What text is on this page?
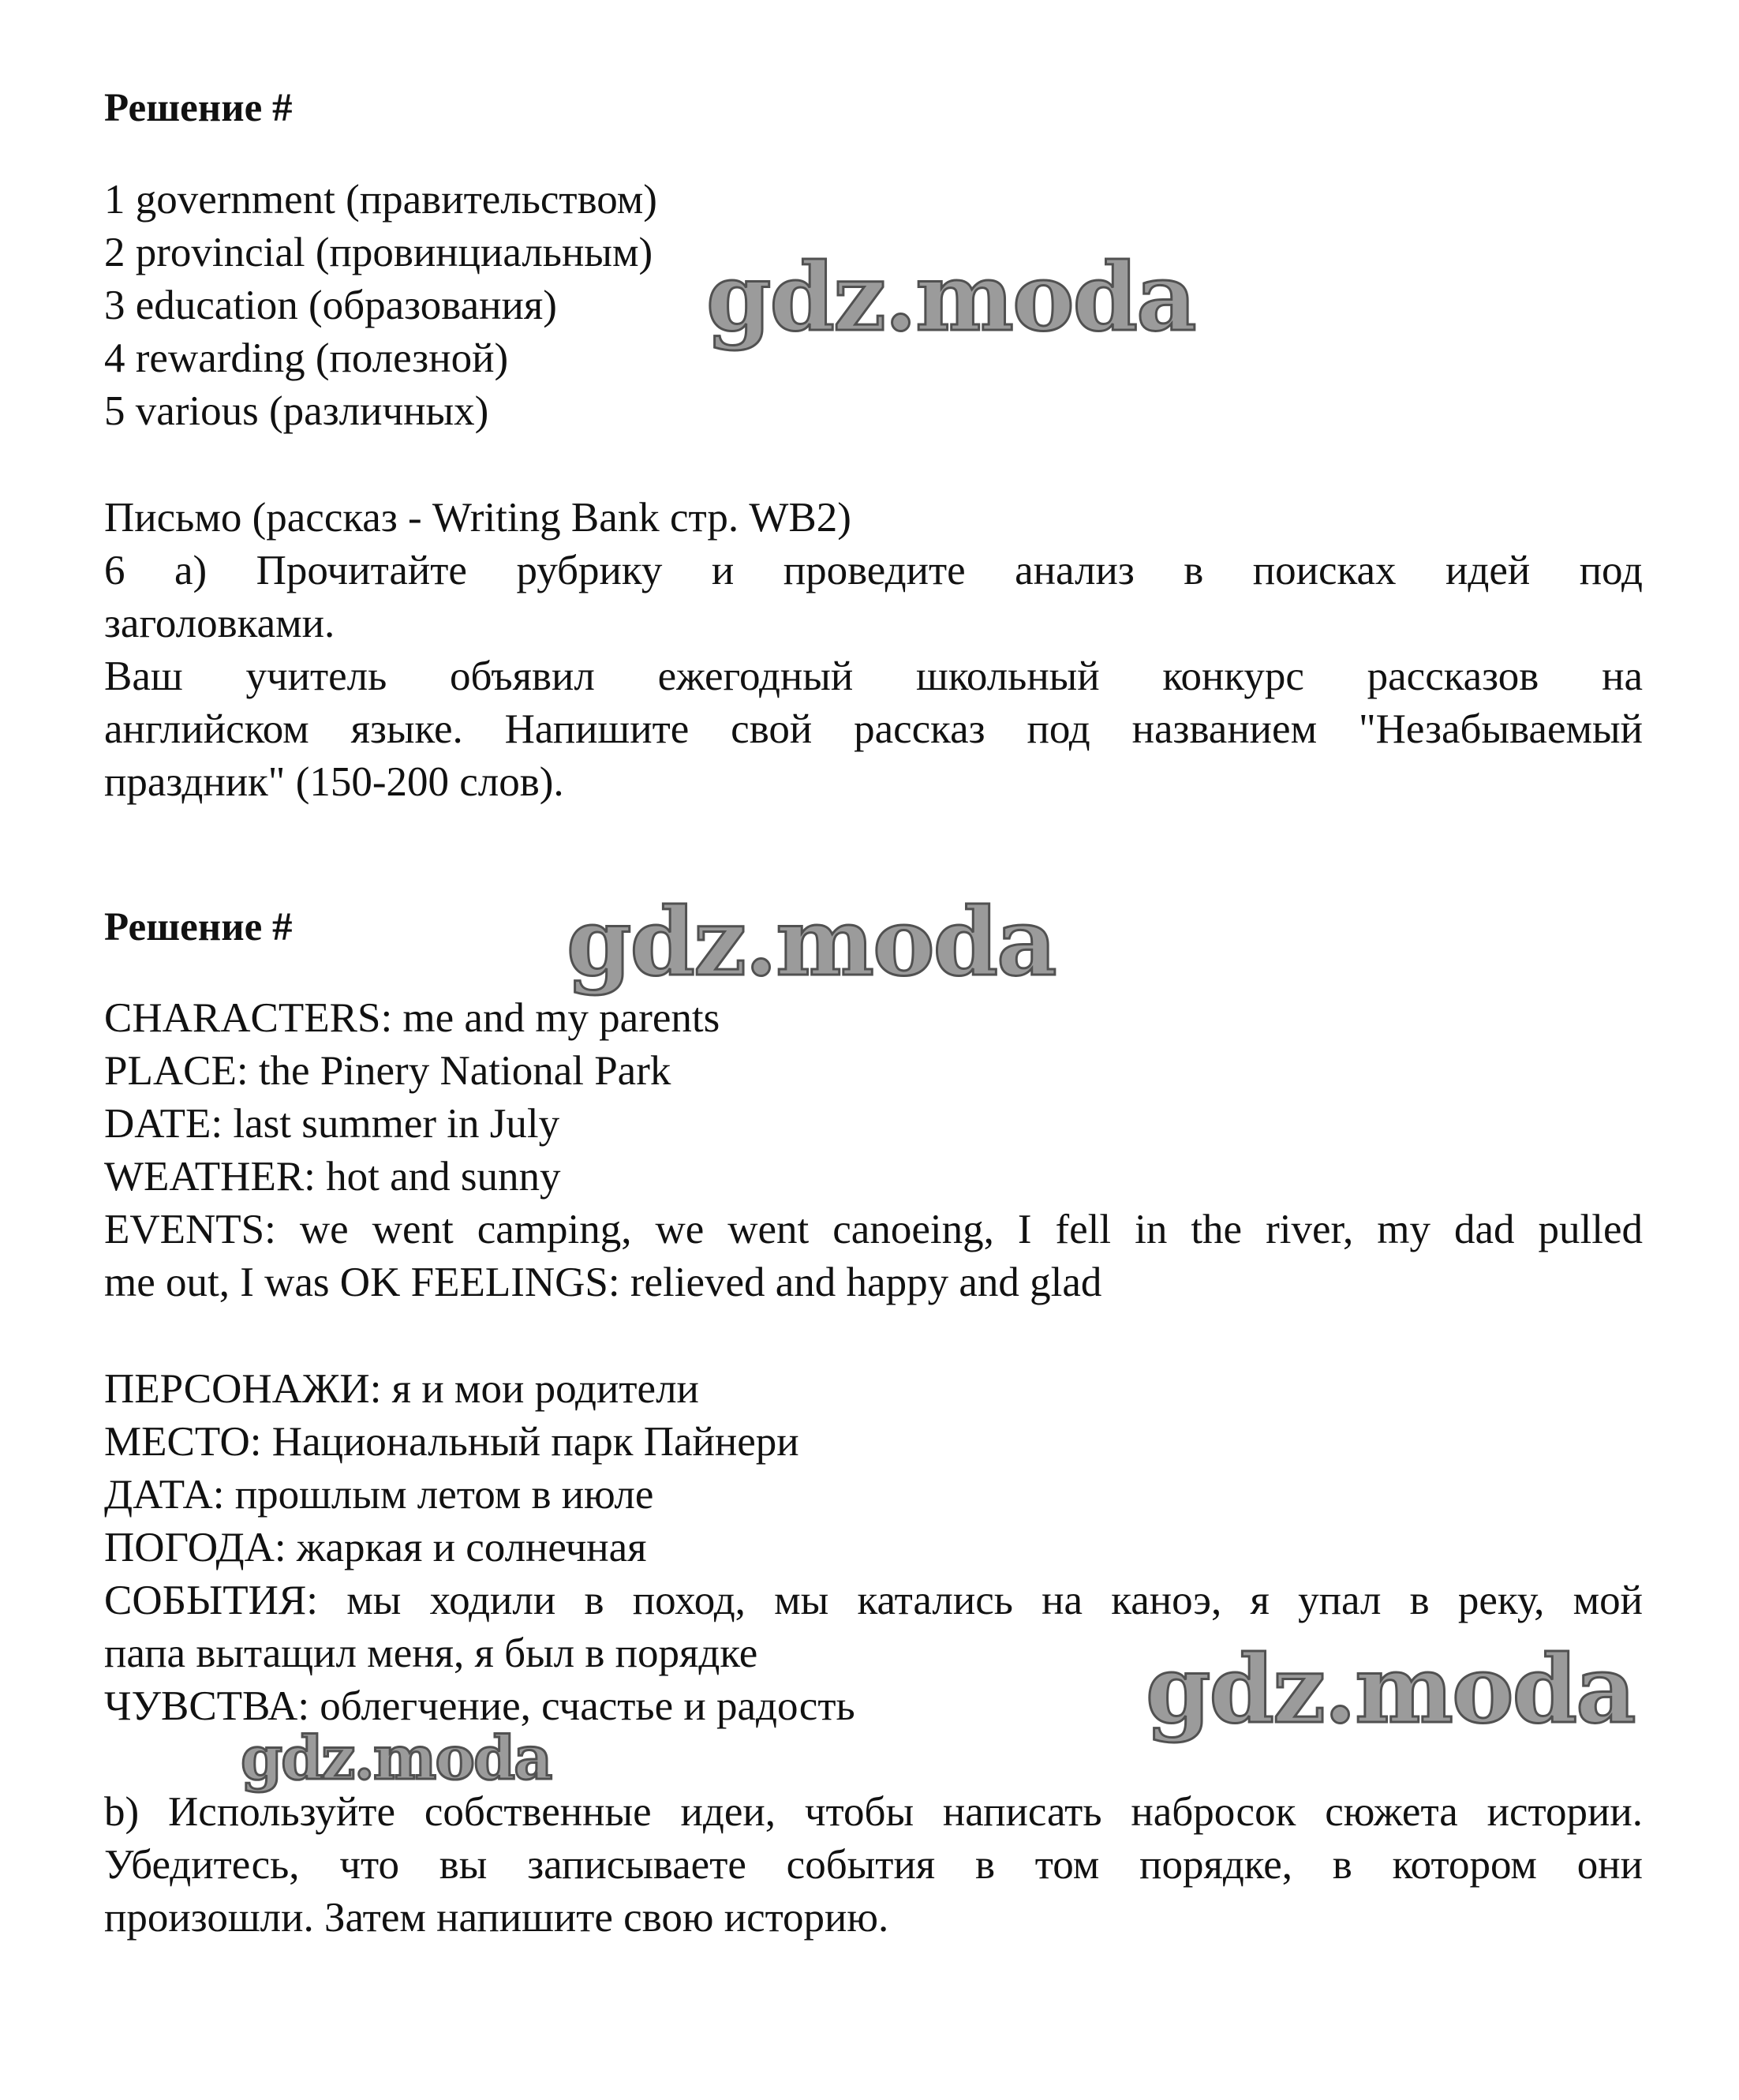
Решение #
1 government (правительством)
2 provincial (провинциальным)
3 education (образования)
4 rewarding (полезной)
5 various (различных)
Письмо (рассказ - Writing Bank стр. WB2)
6 а) Прочитайте рубрику и проведите анализ в поисках идей под
заголовками.
Ваш учитель объявил ежегодный школьный конкурс рассказов на
английском языке. Напишите свой рассказ под названием "Незабываемый
праздник" (150-200 слов).
Решение #
CHARACTERS: me and my parents
PLACE: the Pinery National Park
DATE: last summer in July
WEATHER: hot and sunny
EVENTS: we went camping, we went canoeing, I fell in the river, my dad pulled
me out, I was OK FEELINGS: relieved and happy and glad
ПЕРСОНАЖИ: я и мои родители
МЕСТО: Национальный парк Пайнери
ДАТА: прошлым летом в июле
ПОГОДА: жаркая и солнечная
СОБЫТИЯ: мы ходили в поход, мы катались на каноэ, я упал в реку, мой
папа вытащил меня, я был в порядке
ЧУВСТВА: облегчение, счастье и радость
b) Используйте собственные идеи, чтобы написать набросок сюжета истории.
Убедитесь, что вы записываете события в том порядке, в котором они
произошли. Затем напишите свою историю.
gdz.moda
gdz.moda
gdz.moda
gdz.moda
